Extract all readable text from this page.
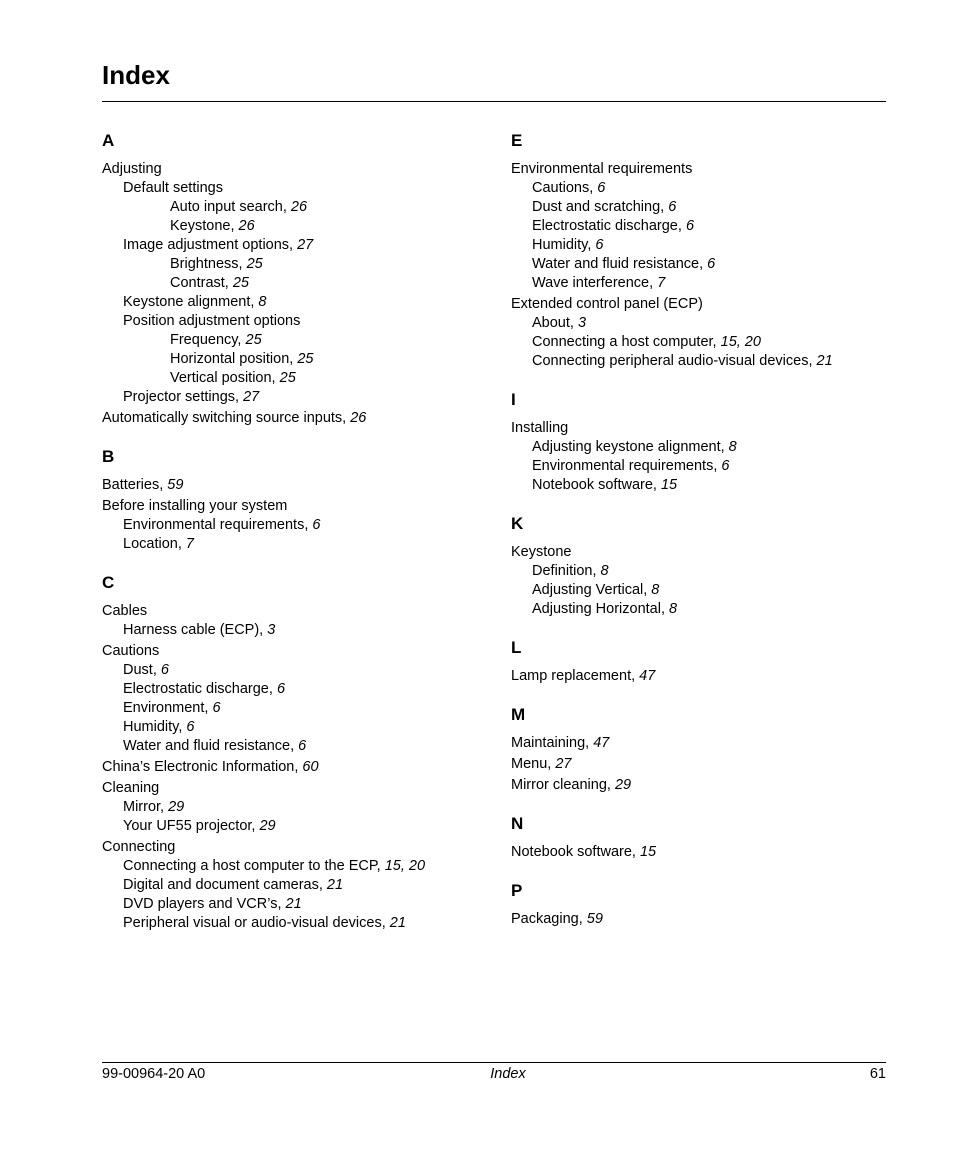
Index
A
Adjusting
Default settings
Auto input search, 26
Keystone, 26
Image adjustment options, 27
Brightness, 25
Contrast, 25
Keystone alignment, 8
Position adjustment options
Frequency, 25
Horizontal position, 25
Vertical position, 25
Projector settings, 27
Automatically switching source inputs, 26
B
Batteries, 59
Before installing your system
Environmental requirements, 6
Location, 7
C
Cables
Harness cable (ECP), 3
Cautions
Dust, 6
Electrostatic discharge, 6
Environment, 6
Humidity, 6
Water and fluid resistance, 6
China’s Electronic Information, 60
Cleaning
Mirror, 29
Your UF55 projector, 29
Connecting
Connecting a host computer to the ECP, 15, 20
Digital and document cameras, 21
DVD players and VCR’s, 21
Peripheral visual or audio-visual devices, 21
E
Environmental requirements
Cautions, 6
Dust and scratching, 6
Electrostatic discharge, 6
Humidity, 6
Water and fluid resistance, 6
Wave interference, 7
Extended control panel (ECP)
About, 3
Connecting a host computer, 15, 20
Connecting peripheral audio-visual devices, 21
I
Installing
Adjusting keystone alignment, 8
Environmental requirements, 6
Notebook software, 15
K
Keystone
Definition, 8
Adjusting Vertical, 8
Adjusting Horizontal, 8
L
Lamp replacement, 47
M
Maintaining, 47
Menu, 27
Mirror cleaning, 29
N
Notebook software, 15
P
Packaging, 59
99-00964-20 A0	Index	61
